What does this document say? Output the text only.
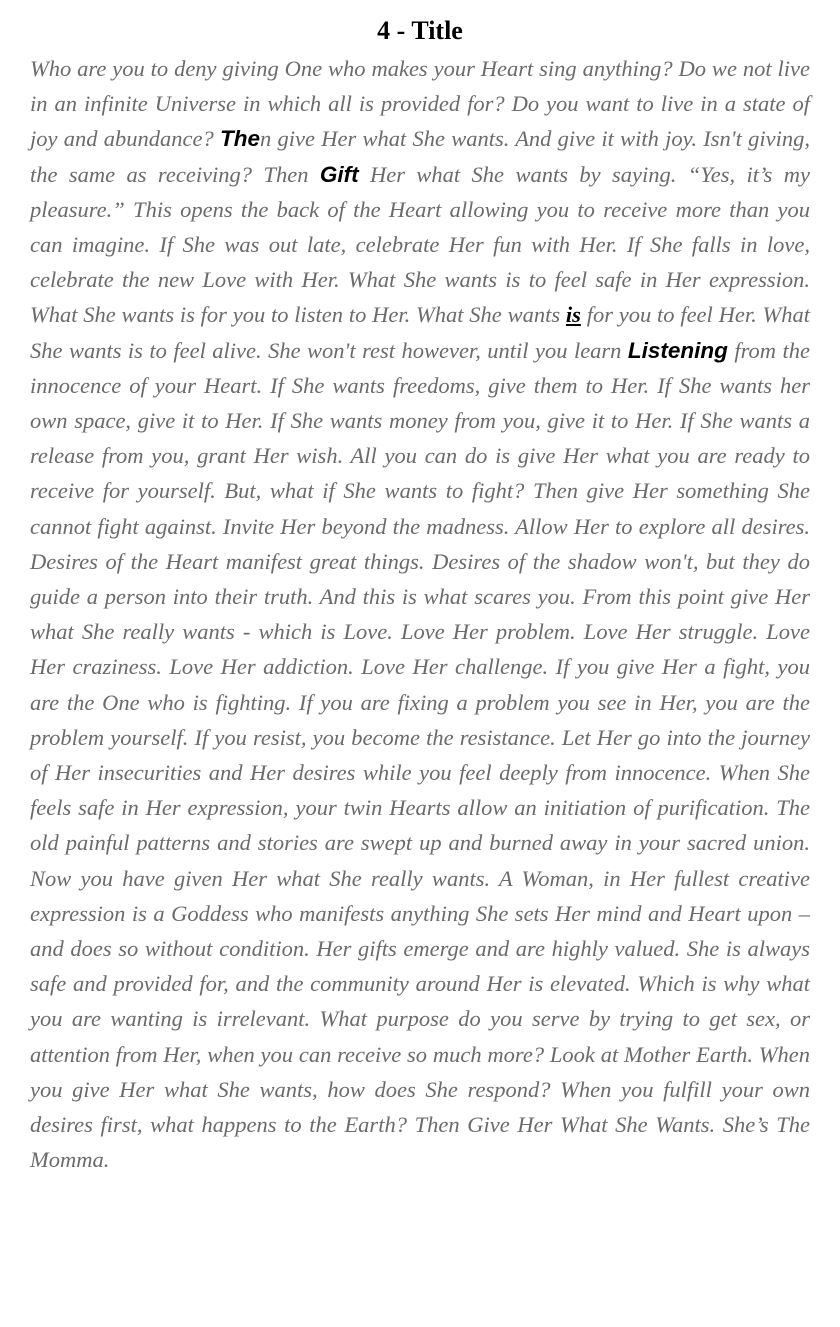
4 - Title

Who are you to deny giving One who makes your Heart sing anything? Do we not live in an infinite Universe in which all is provided for? Do you want to live in a state of joy and abundance? Then give Her what She wants. And give it with joy. Isn't giving, the same as receiving? Then Gift Her what She wants by saying. “Yes, it’s my pleasure.” This opens the back of the Heart allowing you to receive more than you can imagine. If She was out late, celebrate Her fun with Her. If She falls in love, celebrate the new Love with Her. What She wants is to feel safe in Her expression. What She wants is for you to listen to Her. What She wants is for you to feel Her. What She wants is to feel alive. She won't rest however, until you learn Listening from the innocence of your Heart. If She wants freedoms, give them to Her. If She wants her own space, give it to Her. If She wants money from you, give it to Her. If She wants a release from you, grant Her wish. All you can do is give Her what you are ready to receive for yourself. But, what if She wants to fight? Then give Her something She cannot fight against. Invite Her beyond the madness. Allow Her to explore all desires. Desires of the Heart manifest great things. Desires of the shadow won't, but they do guide a person into their truth. And this is what scares you. From this point give Her what She really wants - which is Love. Love Her problem. Love Her struggle. Love Her craziness. Love Her addiction. Love Her challenge. If you give Her a fight, you are the One who is fighting. If you are fixing a problem you see in Her, you are the problem yourself. If you resist, you become the resistance. Let Her go into the journey of Her insecurities and Her desires while you feel deeply from innocence. When She feels safe in Her expression, your twin Hearts allow an initiation of purification. The old painful patterns and stories are swept up and burned away in your sacred union. Now you have given Her what She really wants. A Woman, in Her fullest creative expression is a Goddess who manifests anything She sets Her mind and Heart upon – and does so without condition. Her gifts emerge and are highly valued. She is always safe and provided for, and the community around Her is elevated. Which is why what you are wanting is irrelevant. What purpose do you serve by trying to get sex, or attention from Her, when you can receive so much more? Look at Mother Earth. When you give Her what She wants, how does She respond? When you fulfill your own desires first, what happens to the Earth? Then Give Her What She Wants. She’s The Momma.
